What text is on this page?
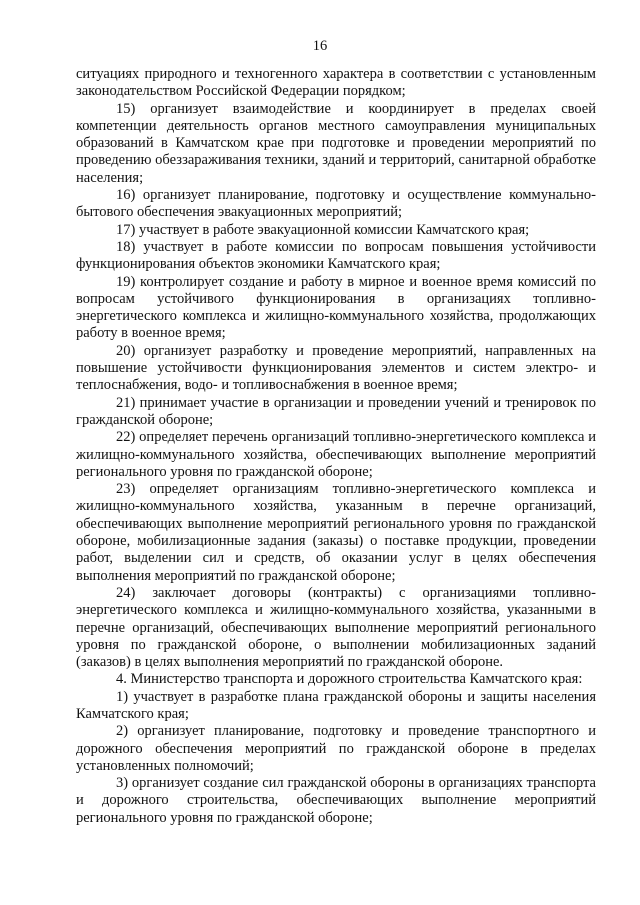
16

ситуациях природного и техногенного характера в соответствии с установленным законодательством Российской Федерации порядком;

15) организует взаимодействие и координирует в пределах своей компетенции деятельность органов местного самоуправления муниципальных образований в Камчатском крае при подготовке и проведении мероприятий по проведению обеззараживания техники, зданий и территорий, санитарной обработке населения;

16) организует планирование, подготовку и осуществление коммунально-бытового обеспечения эвакуационных мероприятий;

17) участвует в работе эвакуационной комиссии Камчатского края;

18) участвует в работе комиссии по вопросам повышения устойчивости функционирования объектов экономики Камчатского края;

19) контролирует создание и работу в мирное и военное время комиссий по вопросам устойчивого функционирования в организациях топливно-энергетического комплекса и жилищно-коммунального хозяйства, продолжающих работу в военное время;

20) организует разработку и проведение мероприятий, направленных на повышение устойчивости функционирования элементов и систем электро- и теплоснабжения, водо- и топливоснабжения в военное время;

21) принимает участие в организации и проведении учений и тренировок по гражданской обороне;

22) определяет перечень организаций топливно-энергетического комплекса и жилищно-коммунального хозяйства, обеспечивающих выполнение мероприятий регионального уровня по гражданской обороне;

23) определяет организациям топливно-энергетического комплекса и жилищно-коммунального хозяйства, указанным в перечне организаций, обеспечивающих выполнение мероприятий регионального уровня по гражданской обороне, мобилизационные задания (заказы) о поставке продукции, проведении работ, выделении сил и средств, об оказании услуг в целях обеспечения выполнения мероприятий по гражданской обороне;

24) заключает договоры (контракты) с организациями топливно-энергетического комплекса и жилищно-коммунального хозяйства, указанными в перечне организаций, обеспечивающих выполнение мероприятий регионального уровня по гражданской обороне, о выполнении мобилизационных заданий (заказов) в целях выполнения мероприятий по гражданской обороне.

4. Министерство транспорта и дорожного строительства Камчатского края:

1) участвует в разработке плана гражданской обороны и защиты населения Камчатского края;

2) организует планирование, подготовку и проведение транспортного и дорожного обеспечения мероприятий по гражданской обороне в пределах установленных полномочий;

3) организует создание сил гражданской обороны в организациях транспорта и дорожного строительства, обеспечивающих выполнение мероприятий регионального уровня по гражданской обороне;
